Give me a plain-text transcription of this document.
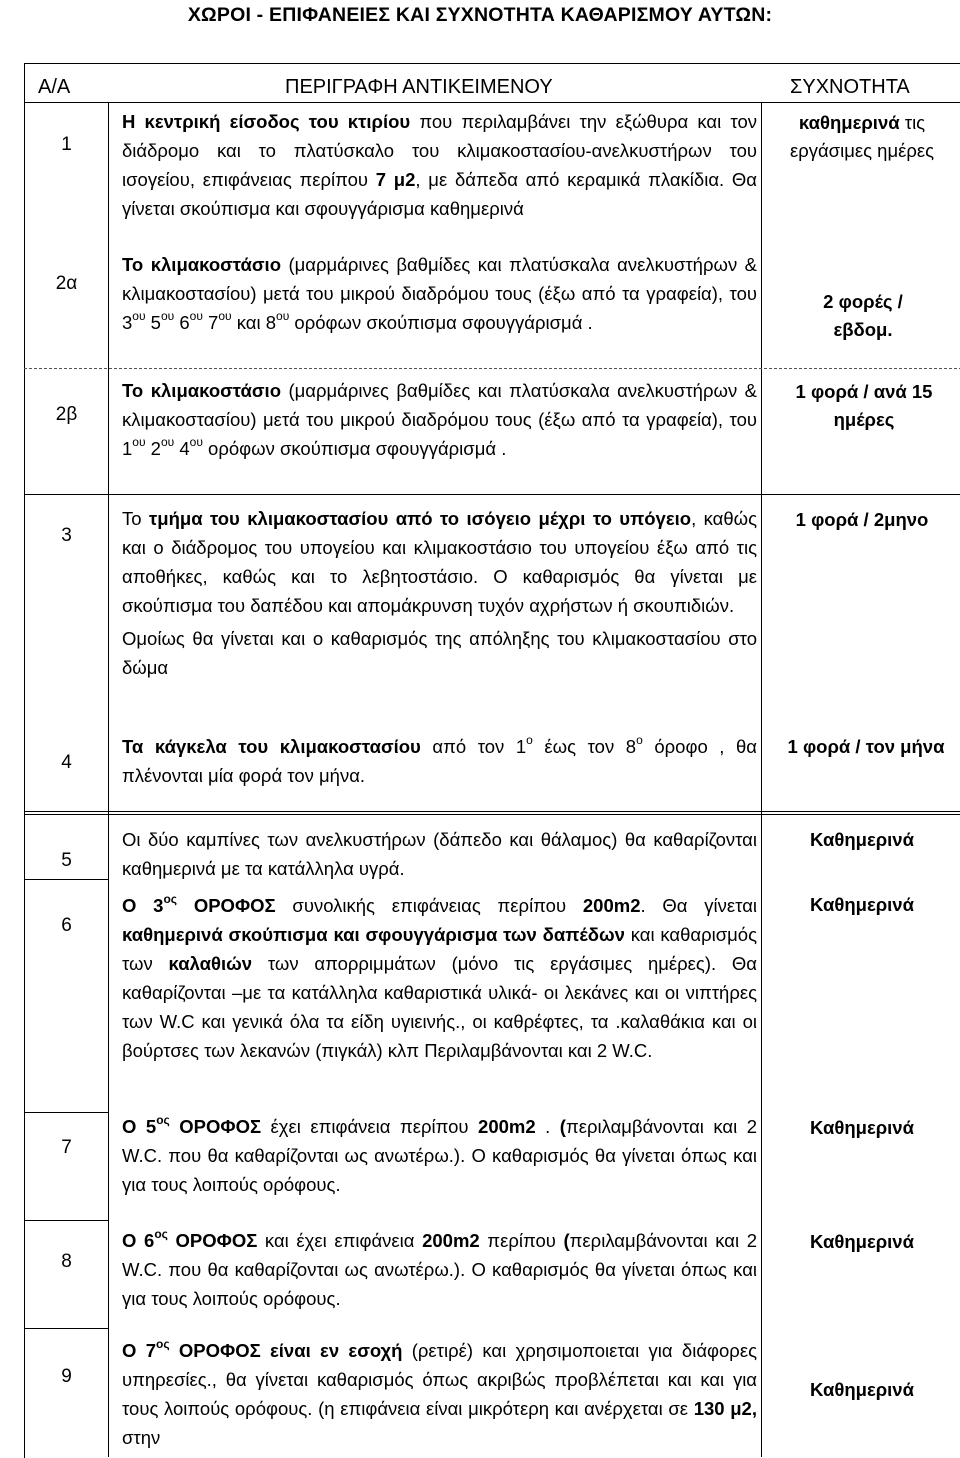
ΧΩΡΟΙ - ΕΠΙΦΑΝΕΙΕΣ ΚΑΙ ΣΥΧΝΟΤΗΤΑ ΚΑΘΑΡΙΣΜΟΥ ΑΥΤΩΝ:
Α/Α	ΠΕΡΙΓΡΑΦΗ ΑΝΤΙΚΕΙΜΕΝΟΥ	ΣΥΧΝΟΤΗΤΑ
1
Η κεντρική είσοδος του κτιρίου που περιλαμβάνει την εξώθυρα και τον διάδρομο και το πλατύσκαλο του κλιμακοστασίου-ανελκυστήρων του ισογείου, επιφάνειας περίπου 7 μ2, με δάπεδα από κεραμικά πλακίδια. Θα γίνεται σκούπισμα και σφουγγάρισμα καθημερινά
καθημερινά τις εργάσιμες ημέρες
2α
Το κλιμακοστάσιο (μαρμάρινες βαθμίδες και πλατύσκαλα ανελκυστήρων & κλιμακοστασίου) μετά του μικρού διαδρόμου τους (έξω από τα γραφεία), του $3^{o\upsilon}$ $5^{o\upsilon}$ $6^{o\upsilon}$ $7^{o\upsilon}$ και $8^{o\upsilon}$ ορόφων σκούπισμα σφουγγάρισμά .
2 φορές / εβδομ.
2β
Το κλιμακοστάσιο (μαρμάρινες βαθμίδες και πλατύσκαλα ανελκυστήρων & κλιμακοστασίου) μετά του μικρού διαδρόμου τους (έξω από τα γραφεία), του $1^{o\upsilon}$ $2^{o\upsilon}$ $4^{o\upsilon}$ ορόφων σκούπισμα σφουγγάρισμά .
1 φορά / ανά 15 ημέρες
3

Το τμήμα του κλιμακοστασίου από το ισόγειο μέχρι το υπόγειο, καθώς και ο διάδρομος του υπογείου και κλιμακοστάσιο του υπογείου έξω από τις αποθήκες, καθώς και το λεβητοστάσιο. Ο καθαρισμός θα γίνεται με σκούπισμα του δαπέδου και απομάκρυνση τυχόν αχρήστων ή σκουπιδιών.

Ομοίως θα γίνεται και ο καθαρισμός της απόληξης του κλιμακοστασίου στο δώμα

1 φορά / 2μηνο
4
Τα κάγκελα του κλιμακοστασίου από τον $1^o$ έως τον $8^o$ όροφο , θα πλένονται μία φορά τον μήνα.
1 φορά / τον μήνα
5
Οι δύο καμπίνες των ανελκυστήρων (δάπεδο και θάλαμος) θα καθαρίζονται καθημερινά με τα κατάλληλα υγρά.
Καθημερινά
6
Ο $3^{o\varsigma}$ ΟΡΟΦΟΣ συνολικής επιφάνειας περίπου 200m2. Θα γίνεται καθημερινά σκούπισμα και σφουγγάρισμα των δαπέδων και καθαρισμός των καλαθιών των απορριμμάτων (μόνο τις εργάσιμες ημέρες). Θα καθαρίζονται –με τα κατάλληλα καθαριστικά υλικά- οι λεκάνες και οι νιπτήρες των W.C και γενικά όλα τα είδη υγιεινής., οι καθρέφτες, τα .καλαθάκια και οι βούρτσες των λεκανών (πιγκάλ) κλπ Περιλαμβάνονται και 2 W.C.
Καθημερινά
7
Ο $5^{o\varsigma}$ ΟΡΟΦΟΣ έχει επιφάνεια περίπου 200m2 . (περιλαμβάνονται και 2 W.C. που θα καθαρίζονται ως ανωτέρω.). Ο καθαρισμός θα γίνεται όπως και για τους λοιπούς ορόφους.
Καθημερινά
8
Ο $6^{o\varsigma}$ ΟΡΟΦΟΣ και έχει επιφάνεια 200m2 περίπου (περιλαμβάνονται και 2 W.C. που θα καθαρίζονται ως ανωτέρω.). Ο καθαρισμός θα γίνεται όπως και για τους λοιπούς ορόφους.
Καθημερινά
9
Ο $7^{o\varsigma}$ ΟΡΟΦΟΣ είναι εν εσοχή (ρετιρέ) και χρησιμοποιεται για διάφορες υπηρεσίες., θα γίνεται καθαρισμός όπως ακριβώς προβλέπεται και και για τους λοιπούς ορόφους. (η επιφάνεια είναι μικρότερη και ανέρχεται σε 130 μ2, στην
Καθημερινά
